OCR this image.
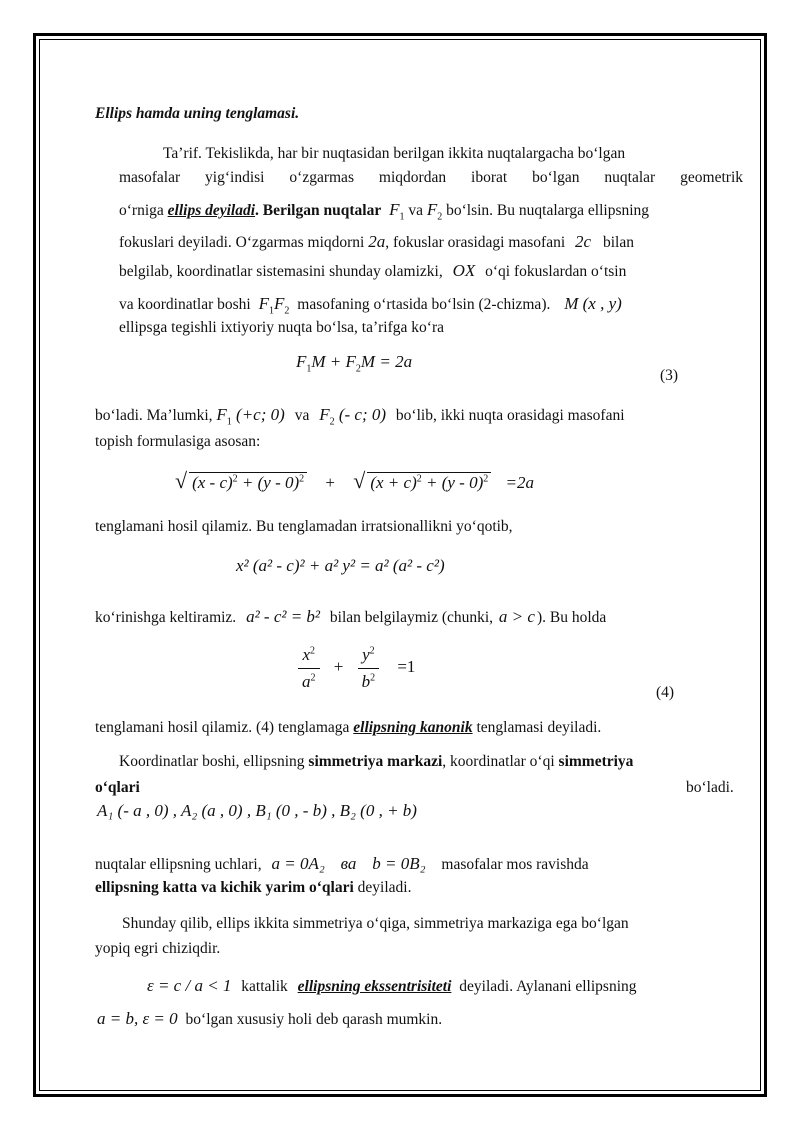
Ellips hamda uning tenglamasi.
Ta’rif. Tekislikda, har bir nuqtasidan berilgan ikkita nuqtalargacha bo‘lgan
masofalar yig‘indisi o‘zgarmas miqdordan iborat bo‘lgan nuqtalar geometrik
o‘rniga ellips deyiladi. Berilgan nuqtalar $F_1$ va $F_2$ bo‘lsin. Bu nuqtalarga ellipsning
fokuslari deyiladi. O‘zgarmas miqdorni 2a, fokuslar orasidagi masofani 2c bilan
belgilab, koordinatlar sistemasini shunday olamizki, OX o‘qi fokuslardan o‘tsin
va koordinatlar boshi $F_1F_2$ masofaning o‘rtasida bo‘lsin (2-chizma). M (x , y)
ellipsga tegishli ixtiyoriy nuqta bo‘lsa, ta’rifga ko‘ra
$F_1M + F_2M = 2a$
(3)
bo‘ladi. Ma’lumki, $F_1$ (+c; 0) va $F_2$ (- c; 0) bo‘lib, ikki nuqta orasidagi masofani
topish formulasiga asosan:
√ (x - c)$^2$ + (y - 0)$^2$ + √ $(x + c)^2 + (y - 0)^2 =2a$
tenglamani hosil qilamiz. Bu tenglamadan irratsionallikni yo‘qotib,
x² (a² - c)² + a² y² = a² (a² - c²)
ko‘rinishga keltiramiz. a² - c² = b² bilan belgilaymiz (chunki, a > c ). Bu holda
$\frac{x^2}{a^2} + \frac{y^2}{b^2} =1$
(4)
tenglamani hosil qilamiz. (4) tenglamaga ellipsning kanonik tenglamasi deyiladi.
Koordinatlar boshi, ellipsning simmetriya markazi, koordinatlar o‘qi simmetriya
o‘qlari	bo‘ladi.
A₁ (- a , 0) , A₂ (a , 0) , B₁ (0 , - b) , B₂ (0 , + b)
nuqtalar ellipsning uchlari, a = 0A₂ ва b = 0B₂ masofalar mos ravishda
ellipsning katta va kichik yarim o‘qlari deyiladi.
Shunday qilib, ellips ikkita simmetriya o‘qiga, simmetriya markaziga ega bo‘lgan
yopiq egri chiziqdir.
ε = c / a < 1 kattalik ellipsning ekssentrisiteti deyiladi. Aylanani ellipsning
a = b, ε = 0 bo‘lgan xususiy holi deb qarash mumkin.
